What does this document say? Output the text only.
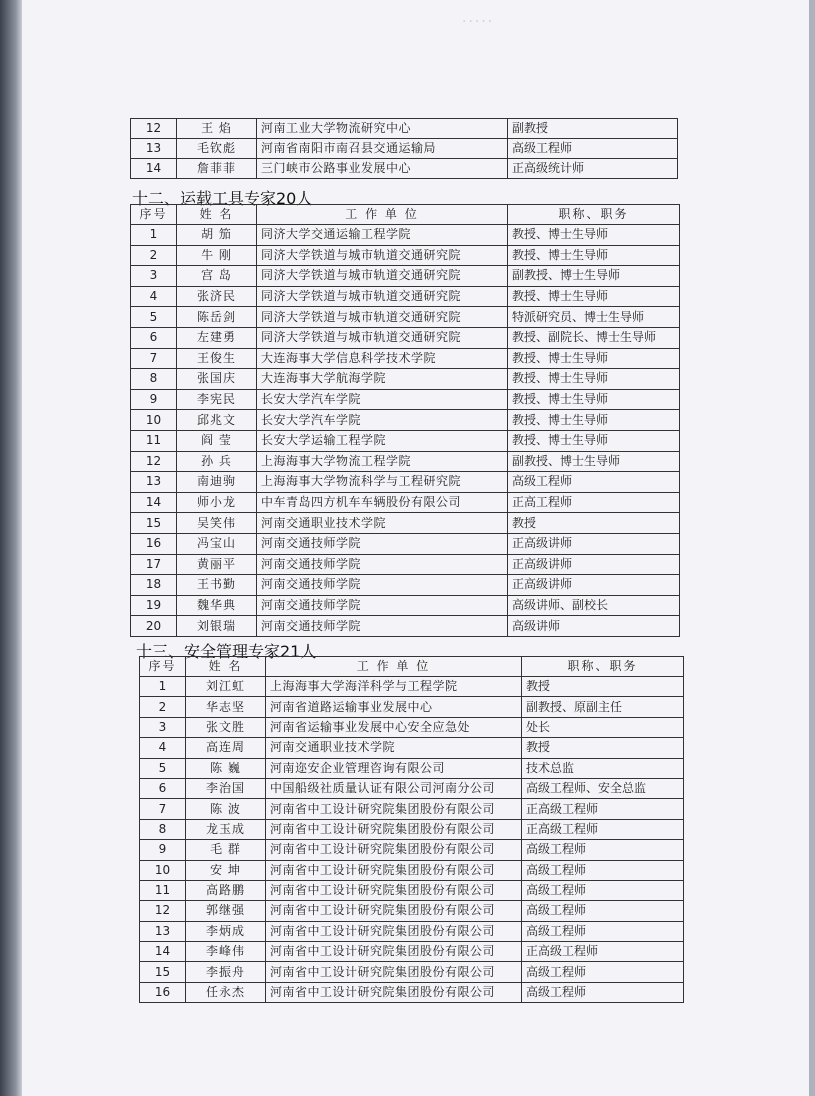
·····
12	王 焰	河南工业大学物流研究中心	副教授
13	毛钦彪	河南省南阳市南召县交通运输局	高级工程师
14	詹菲菲	三门峡市公路事业发展中心	正高级统计师
十二、运载工具专家20人
序号	姓 名	工 作 单 位	职称、职务
1	胡 笳	同济大学交通运输工程学院	教授、博士生导师
2	牛 刚	同济大学铁道与城市轨道交通研究院	教授、博士生导师
3	宫 岛	同济大学铁道与城市轨道交通研究院	副教授、博士生导师
4	张济民	同济大学铁道与城市轨道交通研究院	教授、博士生导师
5	陈岳剑	同济大学铁道与城市轨道交通研究院	特派研究员、博士生导师
6	左建勇	同济大学铁道与城市轨道交通研究院	教授、副院长、博士生导师
7	王俊生	大连海事大学信息科学技术学院	教授、博士生导师
8	张国庆	大连海事大学航海学院	教授、博士生导师
9	李宪民	长安大学汽车学院	教授、博士生导师
10	邱兆文	长安大学汽车学院	教授、博士生导师
11	阎 莹	长安大学运输工程学院	教授、博士生导师
12	孙 兵	上海海事大学物流工程学院	副教授、博士生导师
13	南迪驹	上海海事大学物流科学与工程研究院	高级工程师
14	师小龙	中车青岛四方机车车辆股份有限公司	正高工程师
15	吴笑伟	河南交通职业技术学院	教授
16	冯宝山	河南交通技师学院	正高级讲师
17	黄丽平	河南交通技师学院	正高级讲师
18	王书勤	河南交通技师学院	正高级讲师
19	魏华典	河南交通技师学院	高级讲师、副校长
20	刘银瑞	河南交通技师学院	高级讲师
十三、安全管理专家21人
序号	姓 名	工 作 单 位	职称、职务
1	刘江虹	上海海事大学海洋科学与工程学院	教授
2	华志坚	河南省道路运输事业发展中心	副教授、原副主任
3	张文胜	河南省运输事业发展中心安全应急处	处长
4	高连周	河南交通职业技术学院	教授
5	陈 巍	河南迩安企业管理咨询有限公司	技术总监
6	李治国	中国船级社质量认证有限公司河南分公司	高级工程师、安全总监
7	陈 波	河南省中工设计研究院集团股份有限公司	正高级工程师
8	龙玉成	河南省中工设计研究院集团股份有限公司	正高级工程师
9	毛 群	河南省中工设计研究院集团股份有限公司	高级工程师
10	安 坤	河南省中工设计研究院集团股份有限公司	高级工程师
11	高路鹏	河南省中工设计研究院集团股份有限公司	高级工程师
12	郭继强	河南省中工设计研究院集团股份有限公司	高级工程师
13	李炳成	河南省中工设计研究院集团股份有限公司	高级工程师
14	李峰伟	河南省中工设计研究院集团股份有限公司	正高级工程师
15	李振舟	河南省中工设计研究院集团股份有限公司	高级工程师
16	任永杰	河南省中工设计研究院集团股份有限公司	高级工程师
